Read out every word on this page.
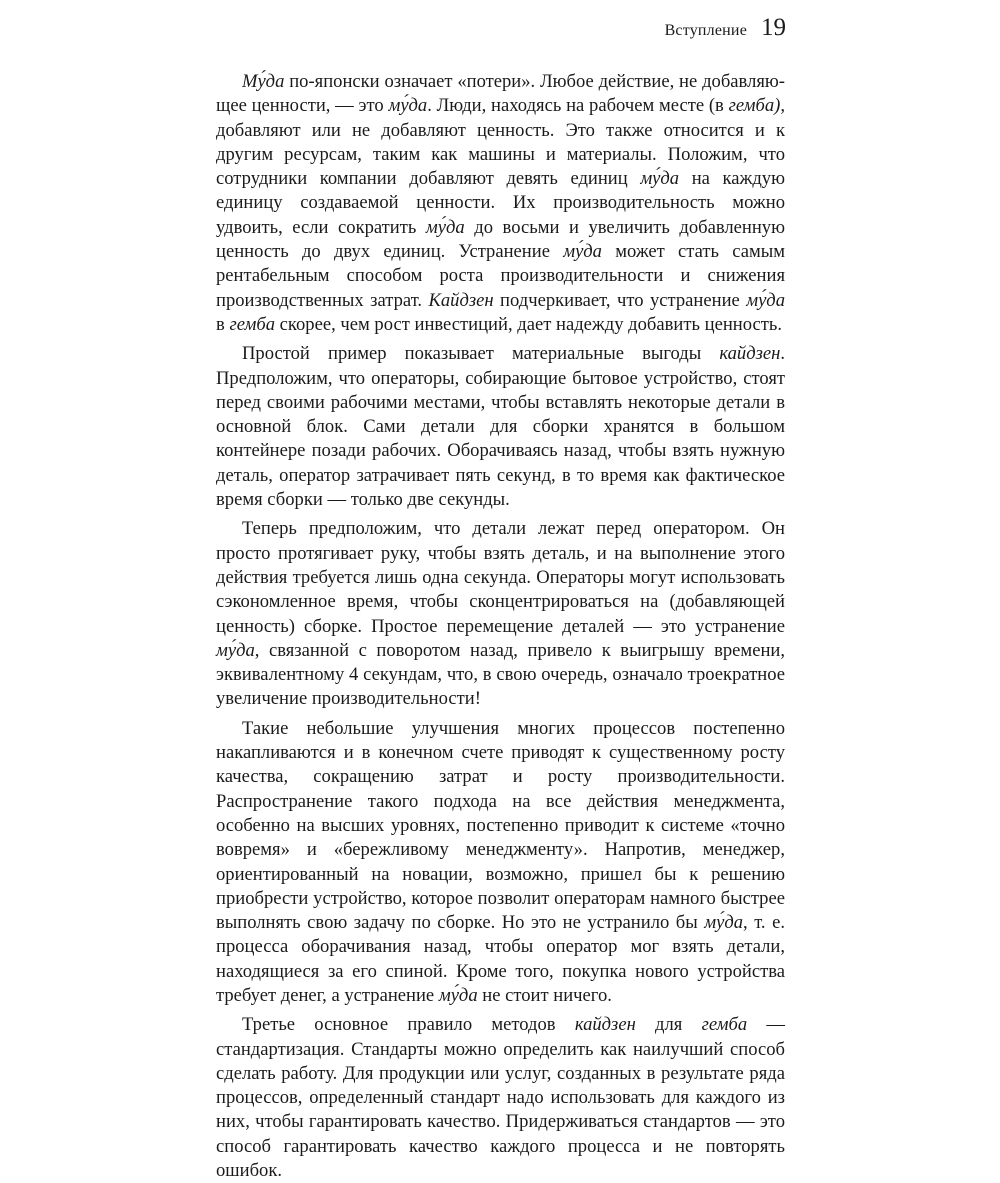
Вступление 19

Му́да по-японски означает «потери». Любое действие, не добавляющее ценности, — это му́да. Люди, находясь на рабочем месте (в гемба), добавляют или не добавляют ценность. Это также относится и к другим ресурсам, таким как машины и материалы. Положим, что сотрудники компании добавляют девять единиц му́да на каждую единицу создаваемой ценности. Их производительность можно удвоить, если сократить му́да до восьми и увеличить добавленную ценность до двух единиц. Устранение му́да может стать самым рентабельным способом роста производительности и снижения производственных затрат. Кайдзен подчеркивает, что устранение му́да в гемба скорее, чем рост инвестиций, дает надежду добавить ценность.

Простой пример показывает материальные выгоды кайдзен. Предположим, что операторы, собирающие бытовое устройство, стоят перед своими рабочими местами, чтобы вставлять некоторые детали в основной блок. Сами детали для сборки хранятся в большом контейнере позади рабочих. Оборачиваясь назад, чтобы взять нужную деталь, оператор затрачивает пять секунд, в то время как фактическое время сборки — только две секунды.

Теперь предположим, что детали лежат перед оператором. Он просто протягивает руку, чтобы взять деталь, и на выполнение этого действия требуется лишь одна секунда. Операторы могут использовать сэкономленное время, чтобы сконцентрироваться на (добавляющей ценность) сборке. Простое перемещение деталей — это устранение му́да, связанной с поворотом назад, привело к выигрышу времени, эквивалентному 4 секундам, что, в свою очередь, означало троекратное увеличение производительности!

Такие небольшие улучшения многих процессов постепенно накапливаются и в конечном счете приводят к существенному росту качества, сокращению затрат и росту производительности. Распространение такого подхода на все действия менеджмента, особенно на высших уровнях, постепенно приводит к системе «точно вовремя» и «бережливому менеджменту». Напротив, менеджер, ориентированный на новации, возможно, пришел бы к решению приобрести устройство, которое позволит операторам намного быстрее выполнять свою задачу по сборке. Но это не устранило бы му́да, т. е. процесса оборачивания назад, чтобы оператор мог взять детали, находящиеся за его спиной. Кроме того, покупка нового устройства требует денег, а устранение му́да не стоит ничего.

Третье основное правило методов кайдзен для гемба — стандартизация. Стандарты можно определить как наилучший способ сделать работу. Для продукции или услуг, созданных в результате ряда процессов, определенный стандарт надо использовать для каждого из них, чтобы гарантировать качество. Придерживаться стандартов — это способ гарантировать качество каждого процесса и не повторять ошибок.
